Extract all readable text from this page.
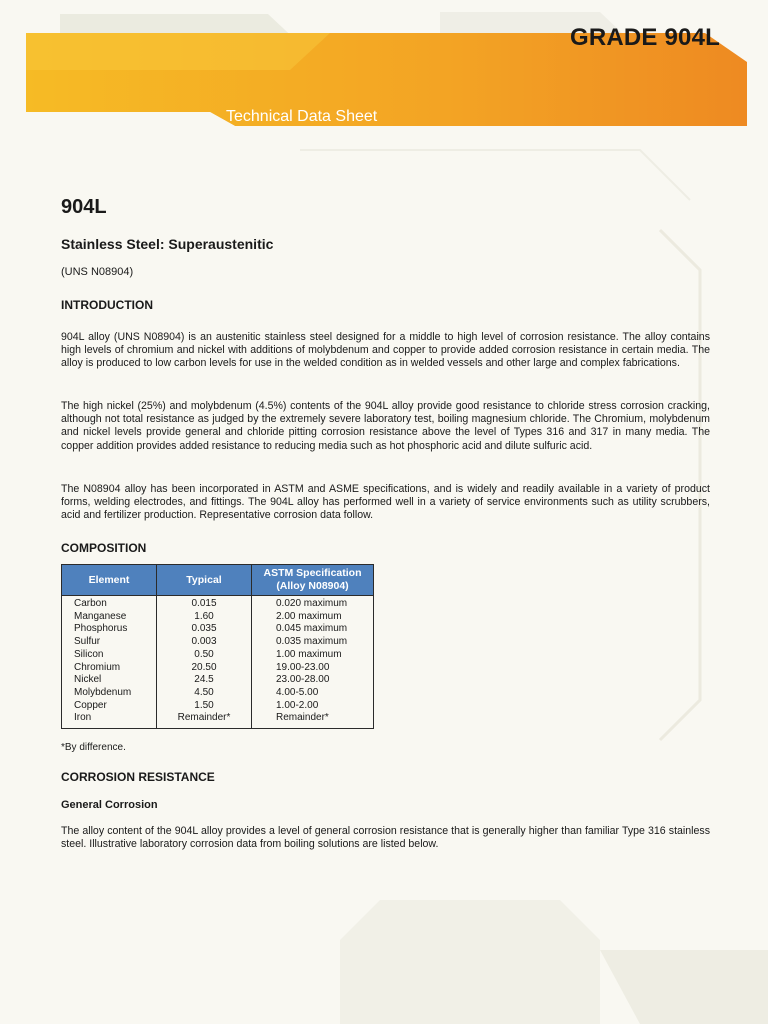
GRADE 904L
Technical Data Sheet
904L
Stainless Steel: Superaustenitic

(UNS N08904)

INTRODUCTION

904L alloy (UNS N08904) is an austenitic stainless steel designed for a middle to high level of corrosion resistance. The alloy contains high levels of chromium and nickel with additions of molybdenum and copper to provide added corrosion resistance in certain media. The alloy is produced to low carbon levels for use in the welded condition as in welded vessels and other large and complex fabrications.

The high nickel (25%) and molybdenum (4.5%) contents of the 904L alloy provide good resistance to chloride stress corrosion cracking, although not total resistance as judged by the extremely severe laboratory test, boiling magnesium chloride. The Chromium, molybdenum and nickel levels provide general and chloride pitting corrosion resistance above the level of Types 316 and 317 in many media. The copper addition provides added resistance to reducing media such as hot phosphoric acid and dilute sulfuric acid.

The N08904 alloy has been incorporated in ASTM and ASME specifications, and is widely and readily available in a variety of product forms, welding electrodes, and fittings. The 904L alloy has performed well in a variety of service environments such as utility scrubbers, acid and fertilizer production. Representative corrosion data follow.

COMPOSITION

*By difference.

CORROSION RESISTANCE
General Corrosion

The alloy content of the 904L alloy provides a level of general corrosion resistance that is generally higher than familiar Type 316 stainless steel. Illustrative laboratory corrosion data from boiling solutions are listed below.

Element	Typical	ASTM Specification
(Alloy N08904)

Carbon	0.015	0.020 maximum
Manganese	1.60	2.00 maximum
Phosphorus	0.035	0.045 maximum
Sulfur	0.003	0.035 maximum
Silicon	0.50	1.00 maximum
Chromium	20.50	19.00-23.00
Nickel	24.5	23.00-28.00
Molybdenum	4.50	4.00-5.00
Copper	1.50	1.00-2.00
Iron	Remainder*	Remainder*
